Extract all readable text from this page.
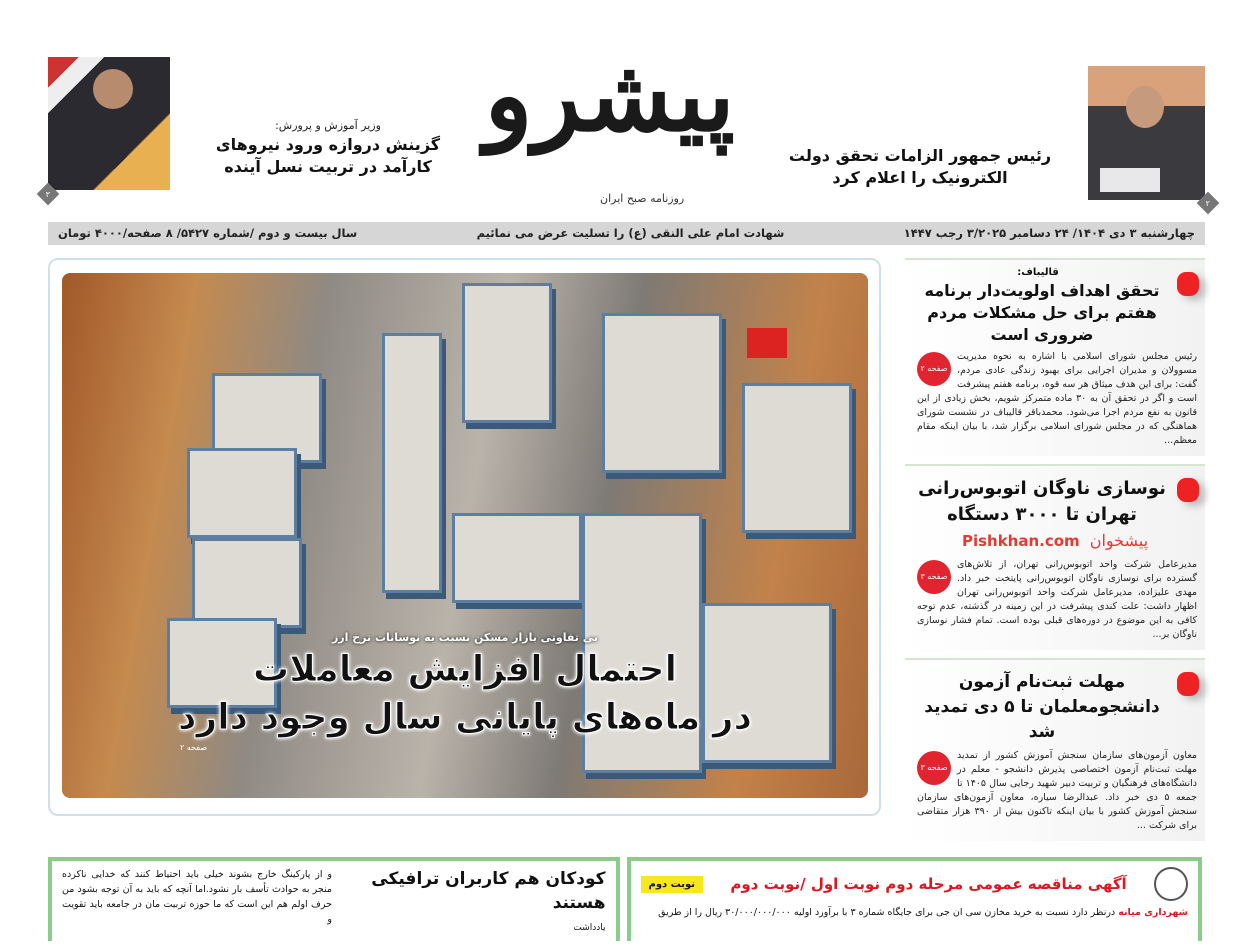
۳
وزیر آموزش و پرورش:
گزینش دروازه ورود نیروهای
کارآمد در تربیت نسل آینده
پیشرو
روزنامه صبح ایران
رئیس جمهور الزامات تحقق دولت
الکترونیک را اعلام کرد
۲
چهارشنبه ۳ دی ۱۴۰۴/ ۲۴ دسامبر ۳/۲۰۲۵ رجب ۱۴۴۷
شهادت امام علی النقی (ع) را تسلیت عرض می نمائیم
سال بیست و دوم /شماره ۵۴۲۷/ ۸ صفحه/۴۰۰۰ تومان
بی تفاوتی بازار مسکن نسبت به نوسانات نرخ ارز
احتمال افزایش معاملات
در ماه‌های پایانی سال وجود دارد
صفحه ۲
قالیباف:
تحقق اهداف اولویت‌دار برنامه هفتم برای حل مشکلات مردم ضروری است
صفحه ۲
رئیس مجلس شورای اسلامی با اشاره به نحوه مدیریت مسوولان و مدیران اجرایی برای بهبود زندگی عادی مردم، گفت: برای این هدف میثاق هر سه قوه، برنامه هفتم پیشرفت است و اگر در تحقق آن به ۳۰ ماده متمرکز شویم، بخش زیادی از این قانون به نفع مردم اجرا می‌شود. محمدباقر قالیباف در نشست شورای هماهنگی که در مجلس شورای اسلامی برگزار شد، با بیان اینکه مقام معظم...
نوسازی ناوگان اتوبوس‌رانی تهران تا ۳۰۰۰ دستگاه
پیشخوان
Pishkhan.com
صفحه ۳
مدیرعامل شرکت واحد اتوبوس‌رانی تهران، از تلاش‌های گسترده برای نوسازی ناوگان اتوبوس‌رانی پایتخت خبر داد. مهدی علیزاده، مدیرعامل شرکت واحد اتوبوس‌رانی تهران اظهار داشت: علت کندی پیشرفت در این زمینه در گذشته، عدم توجه کافی به این موضوع در دوره‌های قبلی بوده است. تمام فشار نوسازی ناوگان بر...
مهلت ثبت‌نام آزمون دانشجومعلمان تا ۵ دی تمدید شد
صفحه ۳
معاون آزمون‌های سازمان سنجش آموزش کشور از تمدید مهلت ثبت‌نام آزمون اختصاصی پذیرش دانشجو - معلم در دانشگاه‌های فرهنگیان و تربیت دبیر شهید رجایی سال ۱۴۰۵ تا جمعه ۵ دی خبر داد. عبدالرضا سیاره، معاون آزمون‌های سازمان سنجش آموزش کشور با بیان اینکه تاکنون بیش از ۳۹۰ هزار متقاضی برای شرکت ...
و از پارکینگ خارج بشوند خیلی باید احتیاط کنند که خدایی ناکرده منجر به حوادث تأسف بار نشود.اما آنچه که باید به آن توجه بشود من حرف اولم هم این است که ما حوزه تربیت مان در جامعه باید تقویت و
کودکان هم کاربران ترافیکی هستند
یادداشت
آگهی مناقصه عمومی مرحله دوم نوبت اول /نوبت دوم
نوبت دوم
شهرداری میانه درنظر دارد نسبت به خرید مخازن سی ان جی برای جایگاه شماره ۳ با برآورد اولیه ۳۰/۰۰۰/۰۰۰/۰۰۰ ریال را از طریق
